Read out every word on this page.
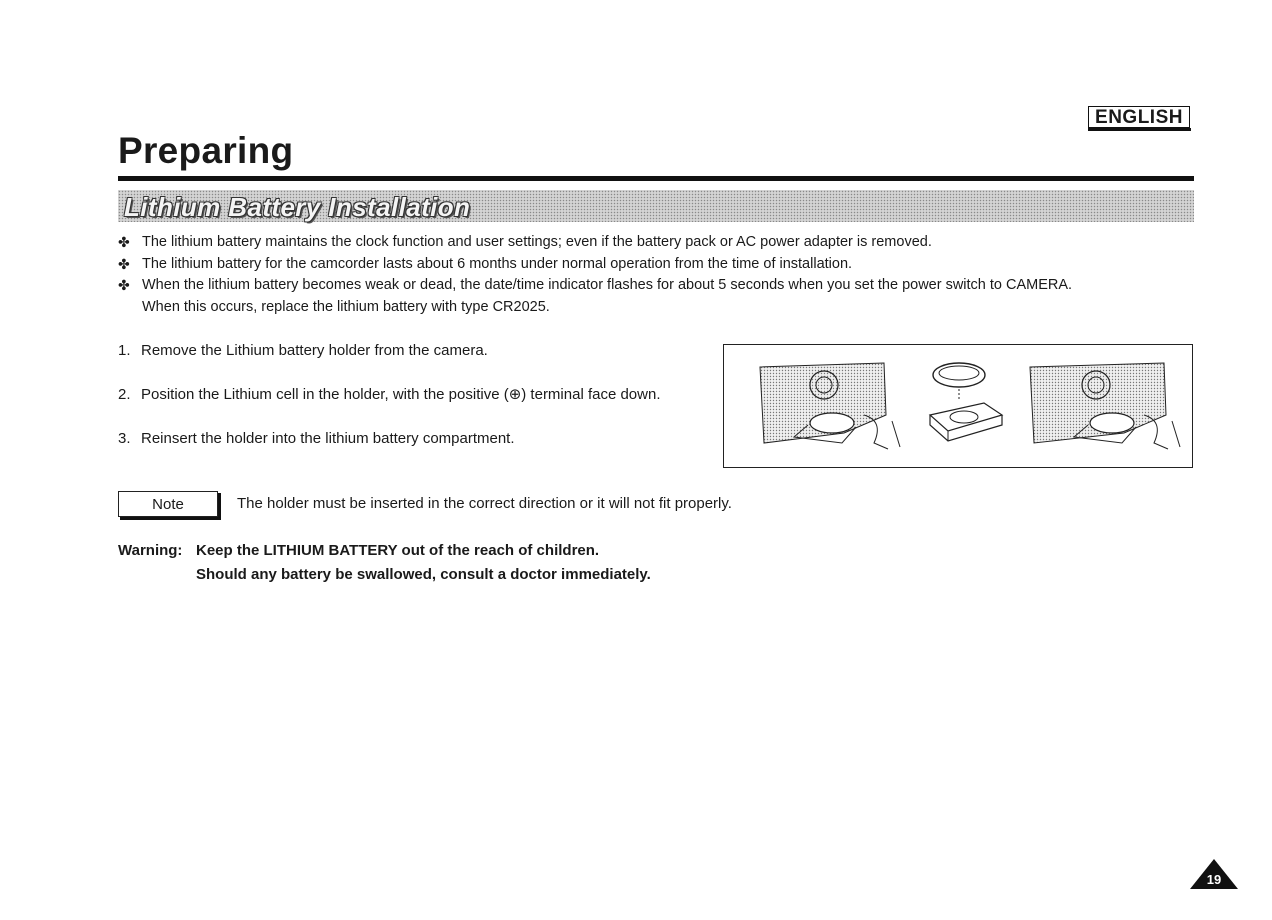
ENGLISH
Preparing
Lithium Battery Installation
✤ The lithium battery maintains the clock function and user settings; even if the battery pack or AC power adapter is removed.
✤ The lithium battery for the camcorder lasts about 6 months under normal operation from the time of installation.
✤ When the lithium battery becomes weak or dead, the date/time indicator flashes for about 5 seconds when you set the power switch to CAMERA.
When this occurs, replace the lithium battery with type CR2025.
1. Remove the Lithium battery holder from the camera.
2. Position the Lithium cell in the holder, with the positive (⊕) terminal face down.
3. Reinsert the holder into the lithium battery compartment.
Note	The holder must be inserted in the correct direction or it will not fit properly.
Warning: Keep the LITHIUM BATTERY out of the reach of children.
Should any battery be swallowed, consult a doctor immediately.
19
